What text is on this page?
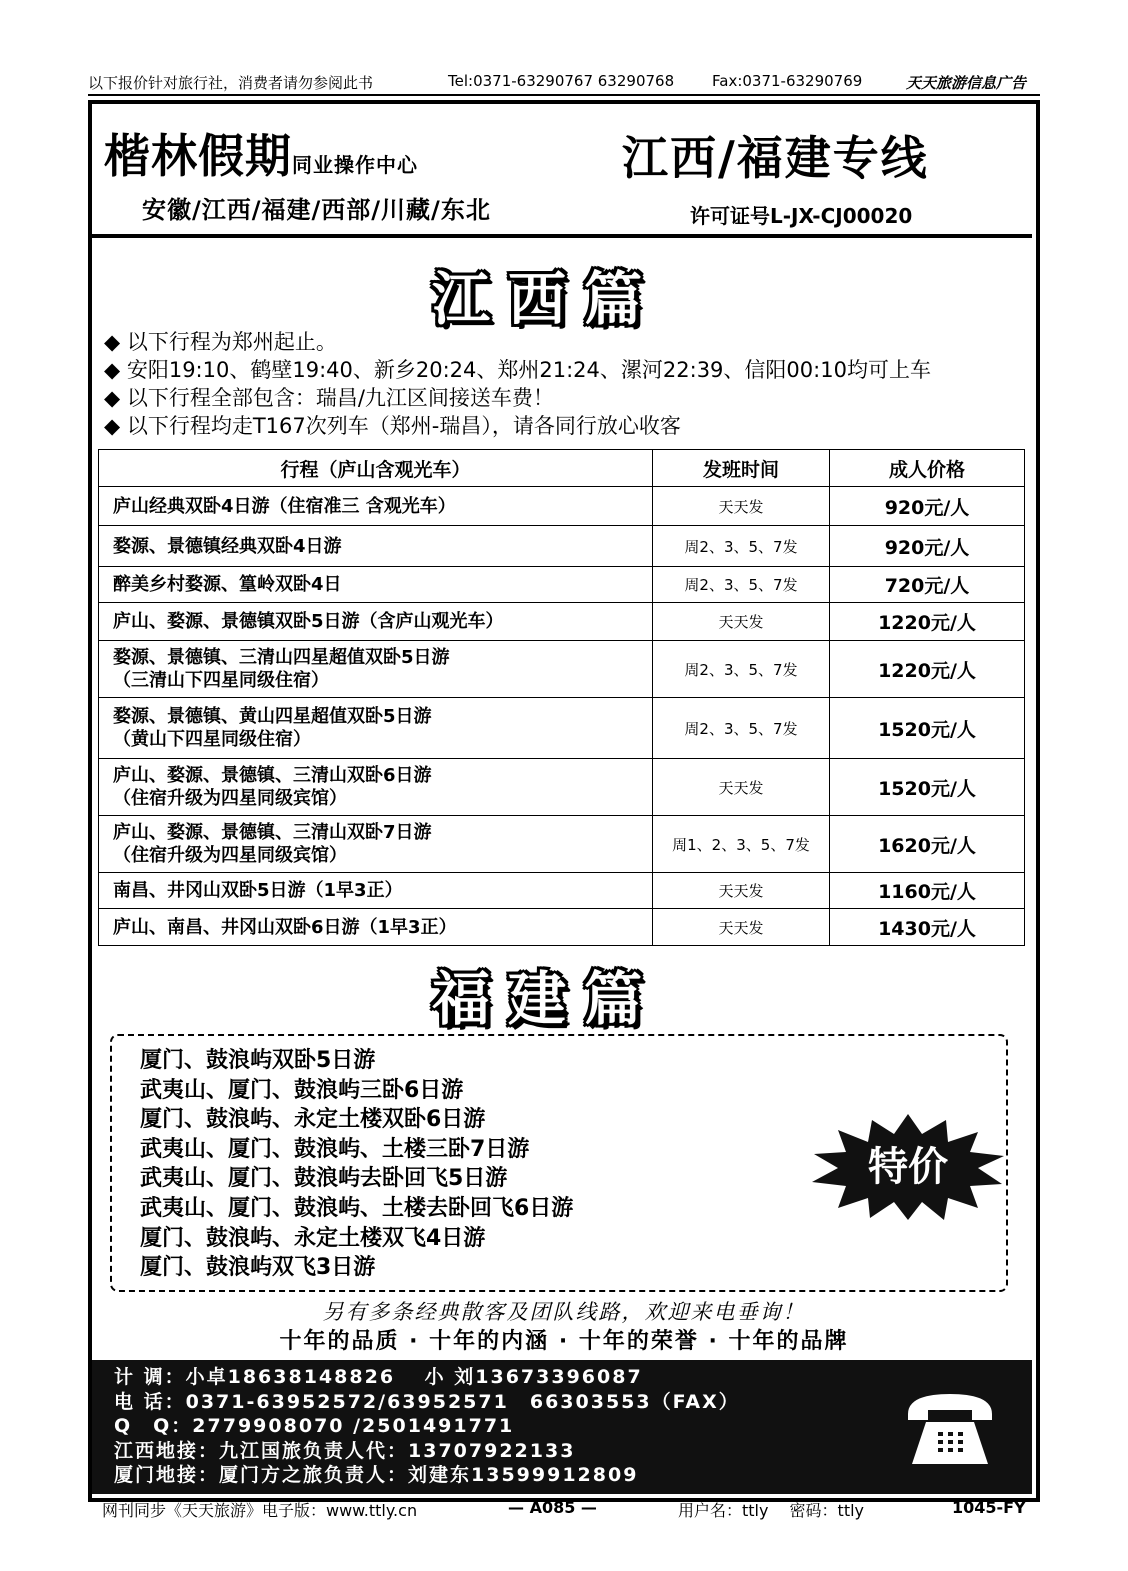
以下报价针对旅行社，消费者请勿参阅此书	Tel:0371-63290767 63290768	Fax:0371-63290769	天天旅游信息广告
楷林假期同业操作中心
安徽/江西/福建/西部/川藏/东北
江西/福建专线
许可证号L-JX-CJ00020
江西篇
◆ 以下行程为郑州起止。
◆ 安阳19:10、鹤壁19:40、新乡20:24、郑州21:24、漯河22:39、信阳00:10均可上车
◆ 以下行程全部包含：瑞昌/九江区间接送车费！
◆ 以下行程均走T167次列车（郑州-瑞昌），请各同行放心收客
行程（庐山含观光车）	发班时间	成人价格

庐山经典双卧4日游（住宿准三 含观光车）	天天发	920元/人

婺源、景德镇经典双卧4日游	周2、3、5、7发	920元/人

醉美乡村婺源、篁岭双卧4日	周2、3、5、7发	720元/人

庐山、婺源、景德镇双卧5日游（含庐山观光车）	天天发	1220元/人

婺源、景德镇、三清山四星超值双卧5日游
（三清山下四星同级住宿）	周2、3、5、7发	1220元/人

婺源、景德镇、黄山四星超值双卧5日游
（黄山下四星同级住宿）	周2、3、5、7发	1520元/人

庐山、婺源、景德镇、三清山双卧6日游
（住宿升级为四星同级宾馆）	天天发	1520元/人

庐山、婺源、景德镇、三清山双卧7日游
（住宿升级为四星同级宾馆）	周1、2、3、5、7发	1620元/人

南昌、井冈山双卧5日游（1早3正）	天天发	1160元/人

庐山、南昌、井冈山双卧6日游（1早3正）	天天发	1430元/人
福建篇
厦门、鼓浪屿双卧5日游
武夷山、厦门、鼓浪屿三卧6日游
厦门、鼓浪屿、永定土楼双卧6日游
武夷山、厦门、鼓浪屿、土楼三卧7日游
武夷山、厦门、鼓浪屿去卧回飞5日游
武夷山、厦门、鼓浪屿、土楼去卧回飞6日游
厦门、鼓浪屿、永定土楼双飞4日游
厦门、鼓浪屿双飞3日游
特价
另有多条经典散客及团队线路，欢迎来电垂询！
十年的品质 · 十年的内涵 · 十年的荣誉 · 十年的品牌
计 调：小卓18638148826　 小 刘13673396087
电 话：0371-63952572/63952571　66303553（FAX）
Q　Q：2779908070 /2501491771
江西地接：九江国旅负责人代：13707922133
厦门地接：厦门方之旅负责人：刘建东13599912809
网刊同步《天天旅游》电子版：www.ttly.cn	— A085 —	用户名：ttly　 密码：ttly	1045-FY
